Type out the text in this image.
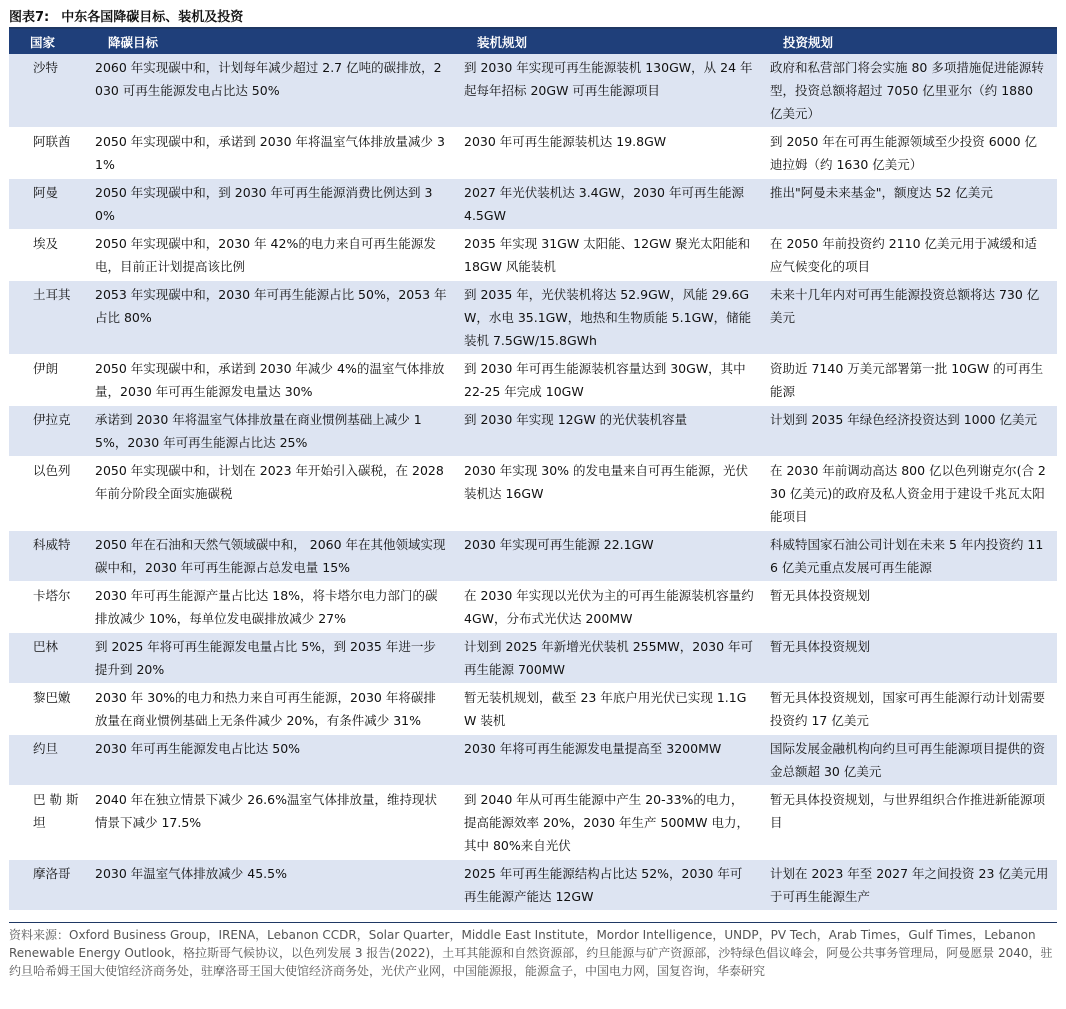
图表7: 中东各国降碳目标、装机及投资
国家	降碳目标	装机规划	投资规划
沙特	2060 年实现碳中和，计划每年减少超过 2.7 亿吨的碳排放，2030 可再生能源发电占比达 50%	到 2030 年实现可再生能源装机 130GW，从 24 年起每年招标 20GW 可再生能源项目	政府和私营部门将会实施 80 多项措施促进能源转型，投资总额将超过 7050 亿里亚尔（约 1880 亿美元）
阿联酋	2050 年实现碳中和，承诺到 2030 年将温室气体排放量减少 31%	2030 年可再生能源装机达 19.8GW	到 2050 年在可再生能源领域至少投资 6000 亿迪拉姆（约 1630 亿美元）
阿曼	2050 年实现碳中和，到 2030 年可再生能源消费比例达到 30%	2027 年光伏装机达 3.4GW，2030 年可再生能源 4.5GW	推出"阿曼未来基金"，额度达 52 亿美元
埃及	2050 年实现碳中和，2030 年 42%的电力来自可再生能源发电，目前正计划提高该比例	2035 年实现 31GW 太阳能、12GW 聚光太阳能和 18GW 风能装机	在 2050 年前投资约 2110 亿美元用于减缓和适应气候变化的项目
土耳其	2053 年实现碳中和，2030 年可再生能源占比 50%，2053 年占比 80%	到 2035 年，光伏装机将达 52.9GW，风能 29.6GW，水电 35.1GW，地热和生物质能 5.1GW，储能装机 7.5GW/15.8GWh	未来十几年内对可再生能源投资总额将达 730 亿美元
伊朗	2050 年实现碳中和，承诺到 2030 年减少 4%的温室气体排放量，2030 年可再生能源发电量达 30%	到 2030 年可再生能源装机容量达到 30GW，其中 22-25 年完成 10GW	资助近 7140 万美元部署第一批 10GW 的可再生能源
伊拉克	承诺到 2030 年将温室气体排放量在商业惯例基础上减少 15%，2030 年可再生能源占比达 25%	到 2030 年实现 12GW 的光伏装机容量	计划到 2035 年绿色经济投资达到 1000 亿美元
以色列	2050 年实现碳中和，计划在 2023 年开始引入碳税，在 2028 年前分阶段全面实施碳税	2030 年实现 30% 的发电量来自可再生能源，光伏装机达 16GW	在 2030 年前调动高达 800 亿以色列谢克尔(合 230 亿美元)的政府及私人资金用于建设千兆瓦太阳能项目
科威特	2050 年在石油和天然气领域碳中和， 2060 年在其他领域实现碳中和，2030 年可再生能源占总发电量 15%	2030 年实现可再生能源 22.1GW	科威特国家石油公司计划在未来 5 年内投资约 116 亿美元重点发展可再生能源
卡塔尔	2030 年可再生能源产量占比达 18%，将卡塔尔电力部门的碳排放减少 10%，每单位发电碳排放减少 27%	在 2030 年实现以光伏为主的可再生能源装机容量约 4GW，分布式光伏达 200MW	暂无具体投资规划
巴林	到 2025 年将可再生能源发电量占比 5%，到 2035 年进一步提升到 20%	计划到 2025 年新增光伏装机 255MW，2030 年可再生能源 700MW	暂无具体投资规划
黎巴嫩	2030 年 30%的电力和热力来自可再生能源，2030 年将碳排放量在商业惯例基础上无条件减少 20%，有条件减少 31%	暂无装机规划，截至 23 年底户用光伏已实现 1.1GW 装机	暂无具体投资规划，国家可再生能源行动计划需要投资约 17 亿美元
约旦	2030 年可再生能源发电占比达 50%	2030 年将可再生能源发电量提高至 3200MW	国际发展金融机构向约旦可再生能源项目提供的资金总额超 30 亿美元
巴 勒 斯 坦	2040 年在独立情景下减少 26.6%温室气体排放量，维持现状情景下减少 17.5%	到 2040 年从可再生能源中产生 20-33%的电力，提高能源效率 20%，2030 年生产 500MW 电力，其中 80%来自光伏	暂无具体投资规划，与世界组织合作推进新能源项目
摩洛哥	2030 年温室气体排放减少 45.5%	2025 年可再生能源结构占比达 52%，2030 年可再生能源产能达 12GW	计划在 2023 年至 2027 年之间投资 23 亿美元用于可再生能源生产
资料来源：Oxford Business Group，IRENA，Lebanon CCDR，Solar Quarter，Middle East Institute，Mordor Intelligence，UNDP，PV Tech，Arab Times，Gulf Times，Lebanon Renewable Energy Outlook，格拉斯哥气候协议，以色列发展 3 报告(2022)，土耳其能源和自然资源部，约旦能源与矿产资源部，沙特绿色倡议峰会，阿曼公共事务管理局，阿曼愿景 2040，驻约旦哈希姆王国大使馆经济商务处，驻摩洛哥王国大使馆经济商务处，光伏产业网，中国能源报，能源盒子，中国电力网，国复咨询，华泰研究
